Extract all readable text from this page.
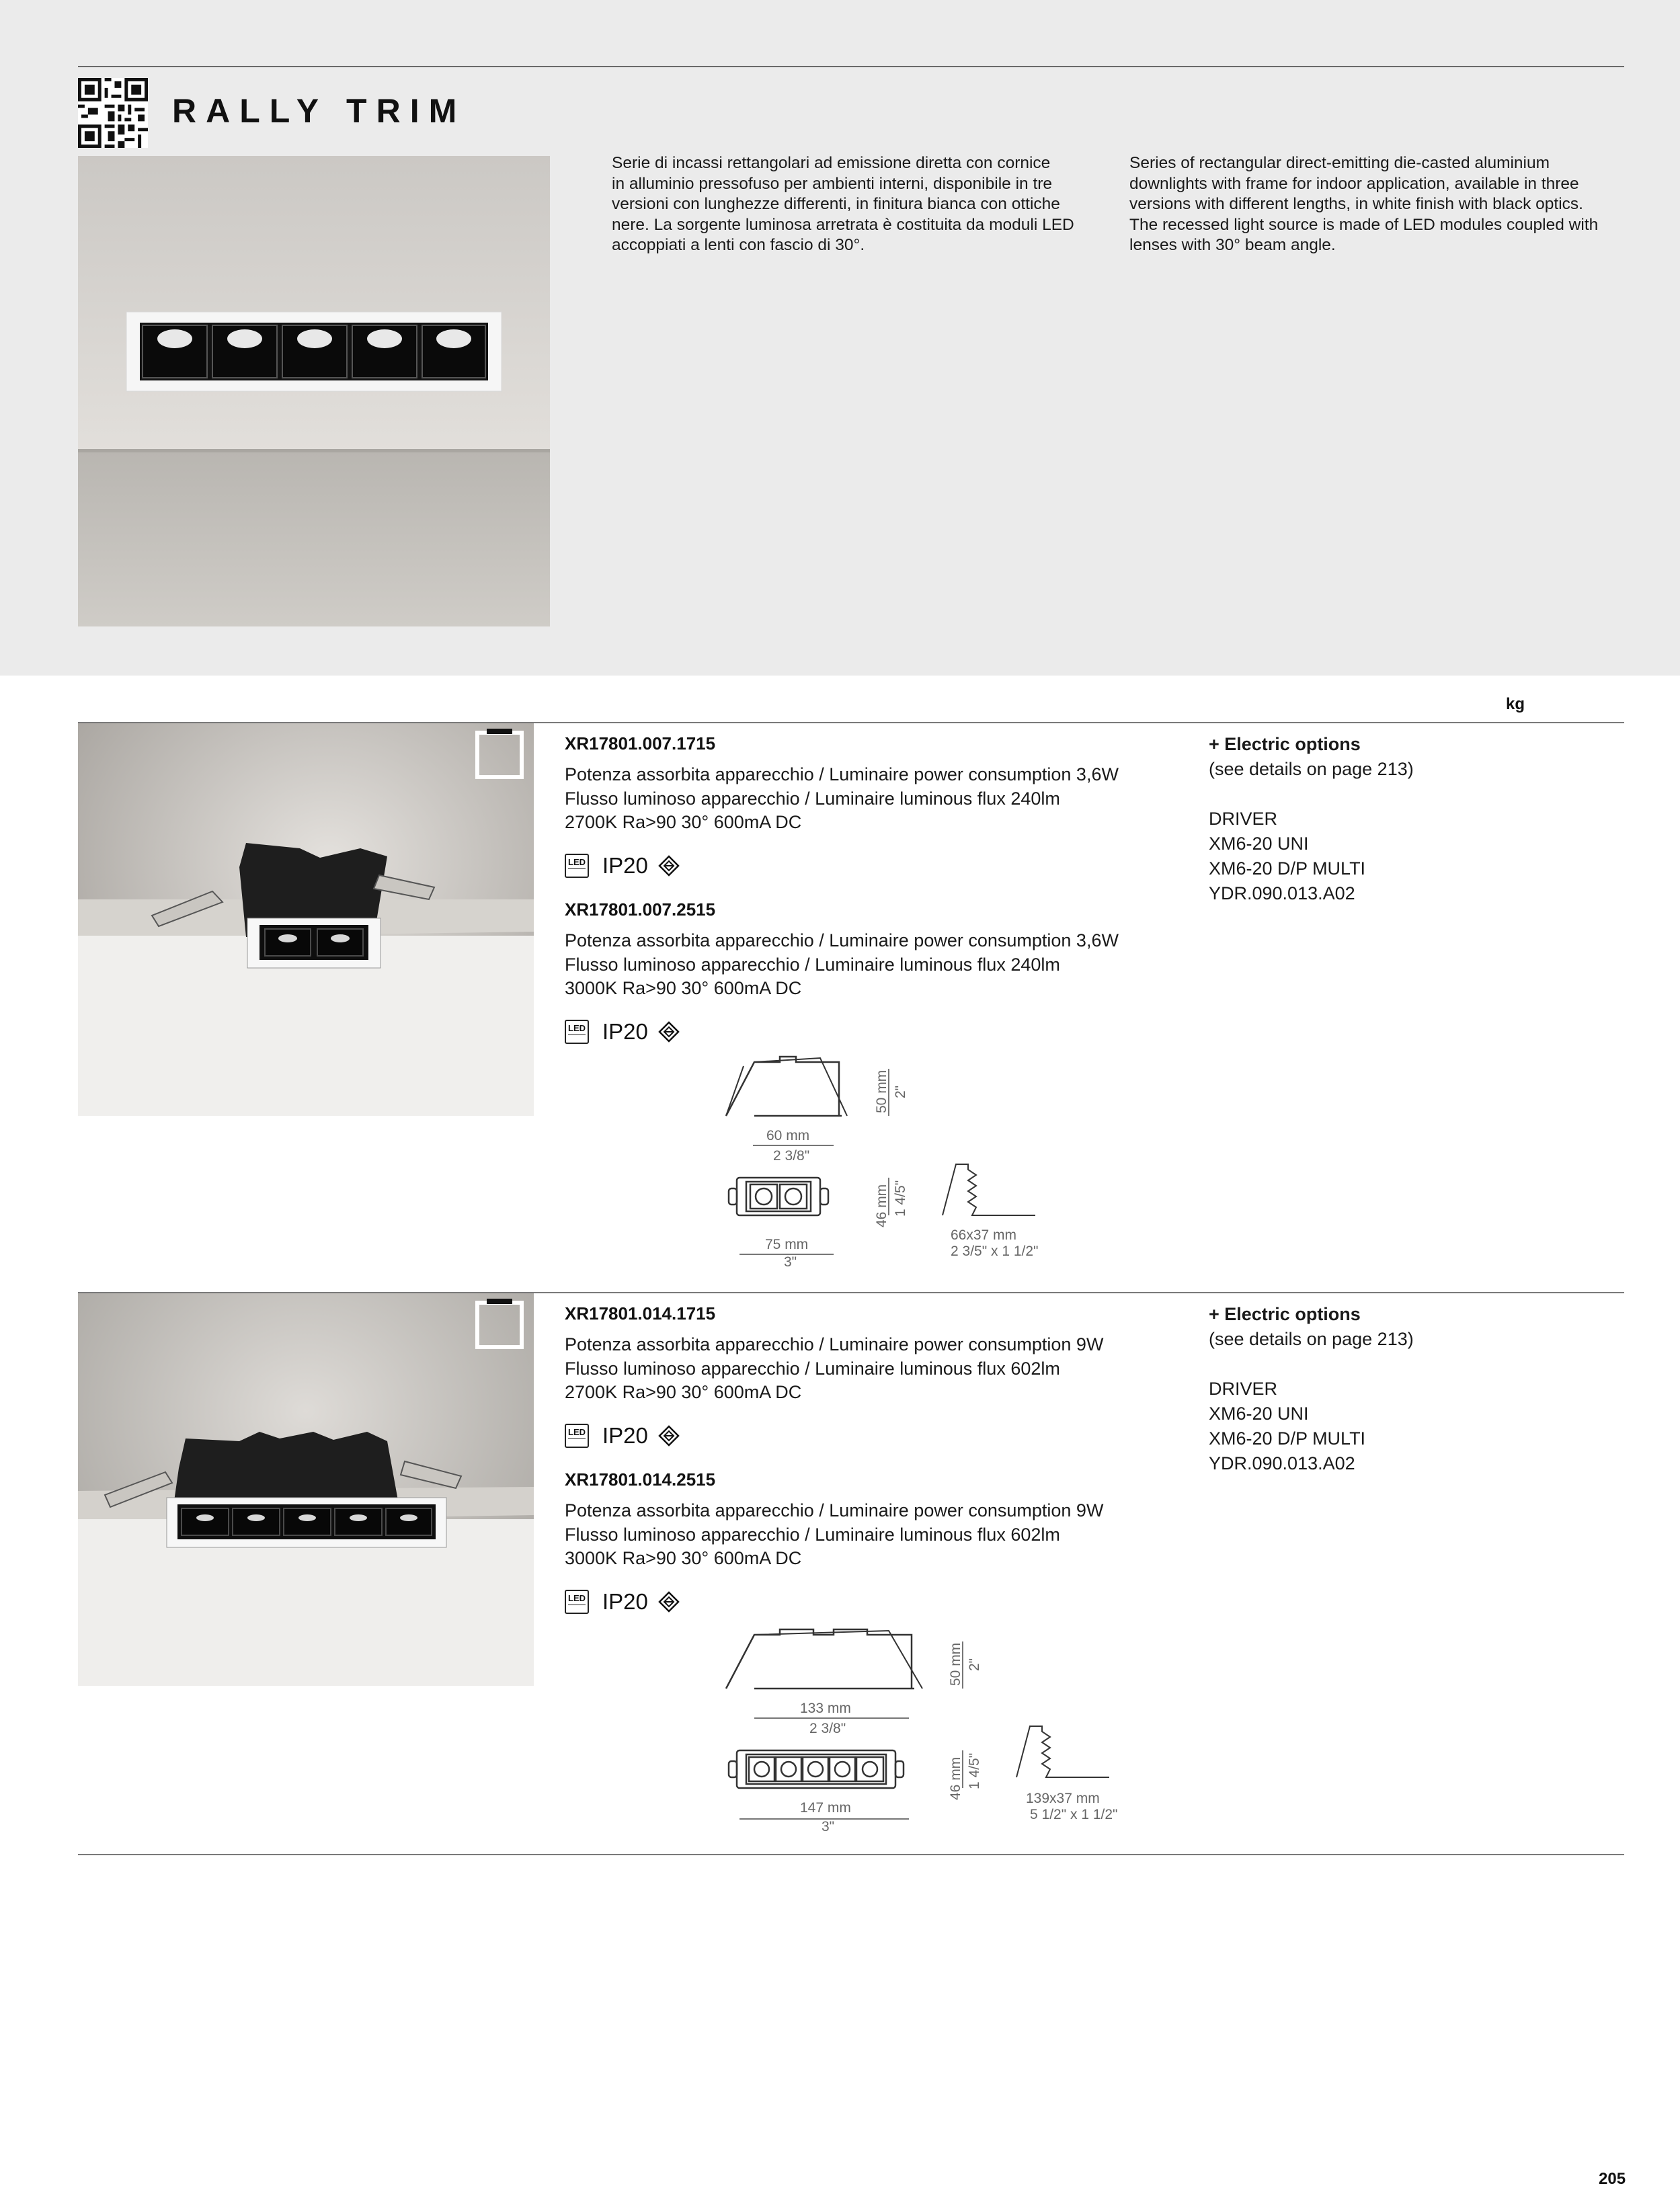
RALLY TRIM
Serie di incassi rettangolari ad emissione diretta con cornice
in alluminio pressofuso per ambienti interni, disponibile in tre
versioni con lunghezze differenti, in finitura bianca con ottiche
nere. La sorgente luminosa arretrata è costituita da moduli LED
accoppiati a lenti con fascio di 30°.
Series of rectangular direct-emitting die-casted aluminium
downlights with frame for indoor application, available in three
versions with different lengths, in white finish with black optics.
The recessed light source is made of LED modules coupled with
lenses with 30° beam angle.
kg
XR17801.007.1715
Potenza assorbita apparecchio / Luminaire power consumption 3,6W
Flusso luminoso apparecchio / Luminaire luminous flux 240lm
2700K Ra>90 30° 600mA DC
LED IP20
XR17801.007.2515
Potenza assorbita apparecchio / Luminaire power consumption 3,6W
Flusso luminoso apparecchio / Luminaire luminous flux 240lm
3000K Ra>90 30° 600mA DC
LED IP20
+ Electric options
(see details on page 213)
DRIVER
XM6-20 UNI
XM6-20 D/P MULTI
YDR.090.013.A02
50 mm 2"
60 mm
2 3/8"
46 mm 1 4/5"
75 mm
3"
66x37 mm
2 3/5" x 1 1/2"
XR17801.014.1715
Potenza assorbita apparecchio / Luminaire power consumption 9W
Flusso luminoso apparecchio / Luminaire luminous flux 602lm
2700K Ra>90 30° 600mA DC
LED IP20
XR17801.014.2515
Potenza assorbita apparecchio / Luminaire power consumption 9W
Flusso luminoso apparecchio / Luminaire luminous flux 602lm
3000K Ra>90 30° 600mA DC
LED IP20
+ Electric options
(see details on page 213)
DRIVER
XM6-20 UNI
XM6-20 D/P MULTI
YDR.090.013.A02
50 mm 2"
133 mm
2 3/8"
46 mm 1 4/5"
147 mm
3"
139x37 mm
5 1/2" x 1 1/2"
205
